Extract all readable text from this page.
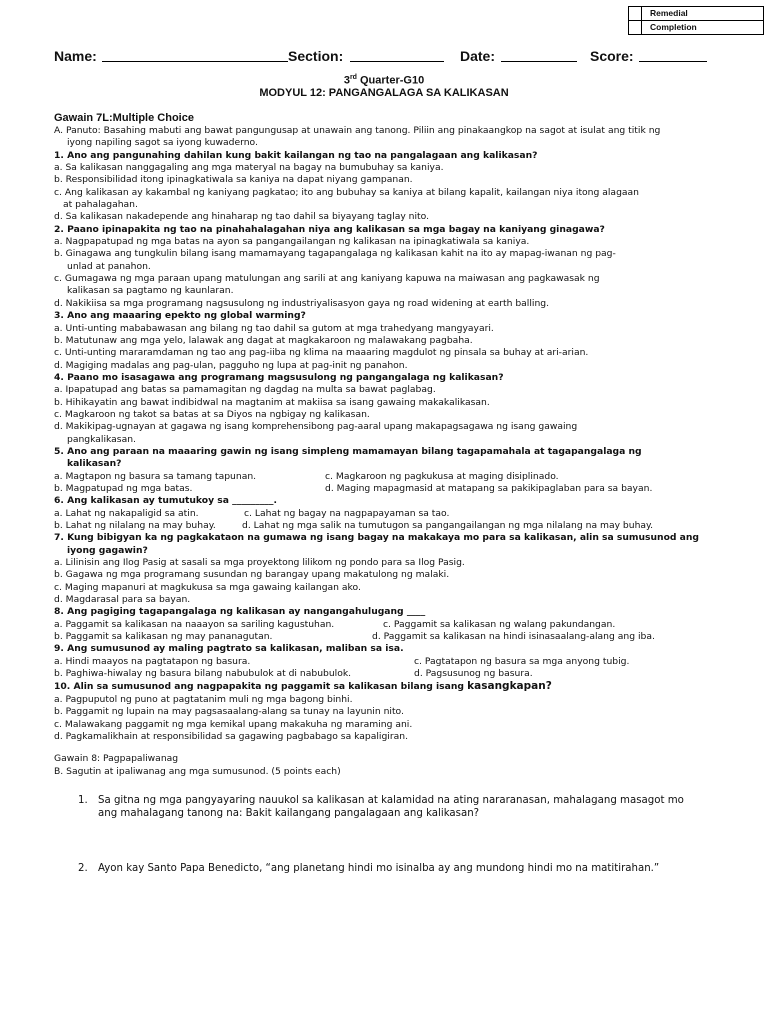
Remedial
Completion
Name:	Section:	Date:	Score:
3rd Quarter-G10
MODYUL 12: PANGANGALAGA SA KALIKASAN
Gawain 7L:Multiple Choice
A. Panuto: Basahing mabuti ang bawat pangungusap at unawain ang tanong. Piliin ang pinakaangkop na sagot at isulat ang titik ng
iyong napiling sagot sa iyong kuwaderno.
1. Ano ang pangunahing dahilan kung bakit kailangan ng tao na pangalagaan ang kalikasan?
a. Sa kalikasan nanggagaling ang mga materyal na bagay na bumubuhay sa kaniya.
b. Responsibilidad itong ipinagkatiwala sa kaniya na dapat niyang gampanan.
c. Ang kalikasan ay kakambal ng kaniyang pagkatao; ito ang bubuhay sa kaniya at bilang kapalit, kailangan niya itong alagaan
at pahalagahan.
d. Sa kalikasan nakadepende ang hinaharap ng tao dahil sa biyayang taglay nito.
2. Paano ipinapakita ng tao na pinahahalagahan niya ang kalikasan sa mga bagay na kaniyang ginagawa?
a. Nagpapatupad ng mga batas na ayon sa pangangailangan ng kalikasan na ipinagkatiwala sa kaniya.
b. Ginagawa ang tungkulin bilang isang mamamayang tagapangalaga ng kalikasan kahit na ito ay mapag-iwanan ng pag-
unlad at panahon.
c. Gumagawa ng mga paraan upang matulungan ang sarili at ang kaniyang kapuwa na maiwasan ang pagkawasak ng
kalikasan sa pagtamo ng kaunlaran.
d. Nakikiisa sa mga programang nagsusulong ng industriyalisasyon gaya ng road widening at earth balling.
3. Ano ang maaaring epekto ng global warming?
a. Unti-unting mababawasan ang bilang ng tao dahil sa gutom at mga trahedyang mangyayari.
b. Matutunaw ang mga yelo, lalawak ang dagat at magkakaroon ng malawakang pagbaha.
c. Unti-unting mararamdaman ng tao ang pag-iiba ng klima na maaaring magdulot ng pinsala sa buhay at ari-arian.
d. Magiging madalas ang pag-ulan, pagguho ng lupa at pag-init ng panahon.
4. Paano mo isasagawa ang programang magsusulong ng pangangalaga ng kalikasan?
a. Ipapatupad ang batas sa pamamagitan ng dagdag na multa sa bawat paglabag.
b. Hihikayatin ang bawat indibidwal na magtanim at makiisa sa isang gawaing makakalikasan.
c. Magkaroon ng takot sa batas at sa Diyos na ngbigay ng kalikasan.
d. Makikipag-ugnayan at gagawa ng isang komprehensibong pag-aaral upang makapagsagawa ng isang gawaing
pangkalikasan.
5. Ano ang paraan na maaaring gawin ng isang simpleng mamamayan bilang tagapamahala at tagapangalaga ng
kalikasan?
a. Magtapon ng basura sa tamang tapunan.	c. Magkaroon ng pagkukusa at maging disiplinado.
b. Magpatupad ng mga batas.	d. Maging mapagmasid at matapang sa pakikipaglaban para sa bayan.
6. Ang kalikasan ay tumutukoy sa _________.
a. Lahat ng nakapaligid sa atin.	c. Lahat ng bagay na nagpapayaman sa tao.
b. Lahat ng nilalang na may buhay.	d. Lahat ng mga salik na tumutugon sa pangangailangan ng mga nilalang na may buhay.
7. Kung bibigyan ka ng pagkakataon na gumawa ng isang bagay na makakaya mo para sa kalikasan, alin sa sumusunod ang
iyong gagawin?
a. Lilinisin ang Ilog Pasig at sasali sa mga proyektong lilikom ng pondo para sa Ilog Pasig.
b. Gagawa ng mga programang susundan ng barangay upang makatulong ng malaki.
c. Maging mapanuri at magkukusa sa mga gawaing kailangan ako.
d. Magdarasal para sa bayan.
8. Ang pagiging tagapangalaga ng kalikasan ay nangangahulugang ____
a. Paggamit sa kalikasan na naaayon sa sariling kagustuhan.	c. Paggamit sa kalikasan ng walang pakundangan.
b. Paggamit sa kalikasan ng may pananagutan.	d. Paggamit sa kalikasan na hindi isinasaalang-alang ang iba.
9. Ang sumusunod ay maling pagtrato sa kalikasan, maliban sa isa.
a. Hindi maayos na pagtatapon ng basura.	c. Pagtatapon ng basura sa mga anyong tubig.
b. Paghiwa-hiwalay ng basura bilang nabubulok at di nabubulok.	d. Pagsusunog ng basura.
10. Alin sa sumusunod ang nagpapakita ng paggamit sa kalikasan bilang isang kasangkapan?
a. Pagpuputol ng puno at pagtatanim muli ng mga bagong binhi.
b. Paggamit ng lupain na may pagsasaalang-alang sa tunay na layunin nito.
c. Malawakang paggamit ng mga kemikal upang makakuha ng maraming ani.
d. Pagkamalikhain at responsibilidad sa gagawing pagbabago sa kapaligiran.
Gawain 8: Pagpapaliwanag
B. Sagutin at ipaliwanag ang mga sumusunod. (5 points each)
1. Sa gitna ng mga pangyayaring nauukol sa kalikasan at kalamidad na ating nararanasan, mahalagang masagot mo
ang mahalagang tanong na: Bakit kailangang pangalagaan ang kalikasan?
2. Ayon kay Santo Papa Benedicto, “ang planetang hindi mo isinalba ay ang mundong hindi mo na matitirahan.”
